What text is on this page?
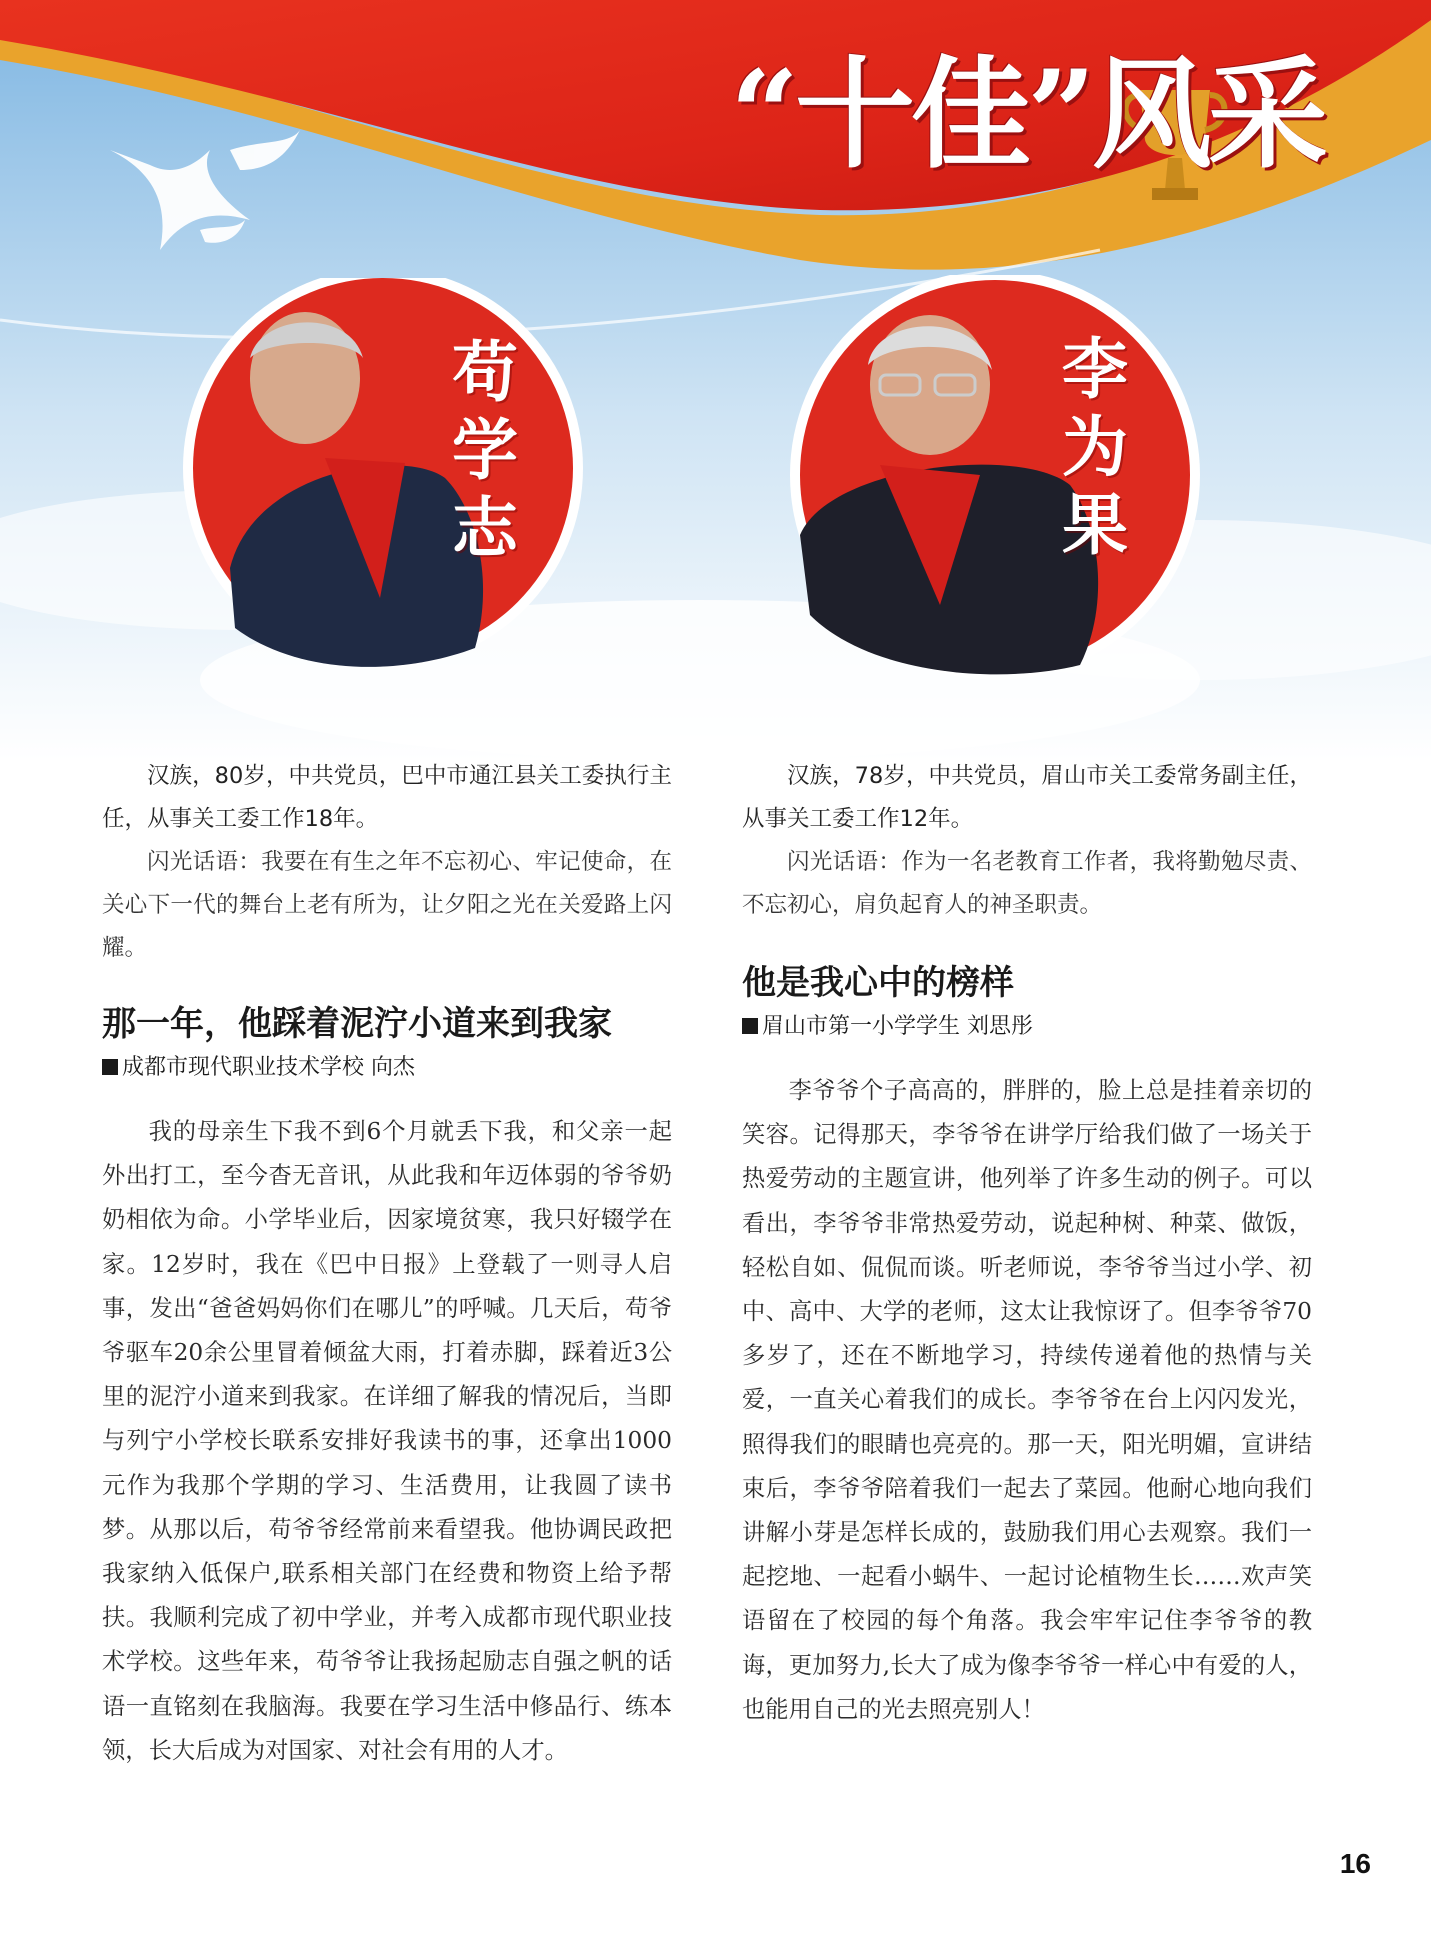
“十佳”风采
苟学志
李为果

汉族，80岁，中共党员，巴中市通江县关工委执行主任，从事关工委工作18年。

闪光话语：我要在有生之年不忘初心、牢记使命，在关心下一代的舞台上老有所为，让夕阳之光在关爱路上闪耀。

那一年，他踩着泥泞小道来到我家

成都市现代职业技术学校 向杰

我的母亲生下我不到6个月就丢下我，和父亲一起外出打工，至今杳无音讯，从此我和年迈体弱的爷爷奶奶相依为命。小学毕业后，因家境贫寒，我只好辍学在家。12岁时，我在《巴中日报》上登载了一则寻人启事，发出“爸爸妈妈你们在哪儿”的呼喊。几天后，苟爷爷驱车20余公里冒着倾盆大雨，打着赤脚，踩着近3公里的泥泞小道来到我家。在详细了解我的情况后，当即与列宁小学校长联系安排好我读书的事，还拿出1000元作为我那个学期的学习、生活费用，让我圆了读书梦。从那以后，苟爷爷经常前来看望我。他协调民政把我家纳入低保户,联系相关部门在经费和物资上给予帮扶。我顺利完成了初中学业，并考入成都市现代职业技术学校。这些年来，苟爷爷让我扬起励志自强之帆的话语一直铭刻在我脑海。我要在学习生活中修品行、练本领，长大后成为对国家、对社会有用的人才。

汉族，78岁，中共党员，眉山市关工委常务副主任，从事关工委工作12年。

闪光话语：作为一名老教育工作者，我将勤勉尽责、不忘初心，肩负起育人的神圣职责。

他是我心中的榜样

眉山市第一小学学生 刘思彤

李爷爷个子高高的，胖胖的，脸上总是挂着亲切的笑容。记得那天，李爷爷在讲学厅给我们做了一场关于热爱劳动的主题宣讲，他列举了许多生动的例子。可以看出，李爷爷非常热爱劳动，说起种树、种菜、做饭，轻松自如、侃侃而谈。听老师说，李爷爷当过小学、初中、高中、大学的老师，这太让我惊讶了。但李爷爷70多岁了，还在不断地学习，持续传递着他的热情与关爱，一直关心着我们的成长。李爷爷在台上闪闪发光，照得我们的眼睛也亮亮的。那一天，阳光明媚，宣讲结束后，李爷爷陪着我们一起去了菜园。他耐心地向我们讲解小芽是怎样长成的，鼓励我们用心去观察。我们一起挖地、一起看小蜗牛、一起讨论植物生长……欢声笑语留在了校园的每个角落。我会牢牢记住李爷爷的教诲，更加努力,长大了成为像李爷爷一样心中有爱的人，也能用自己的光去照亮别人！

16
